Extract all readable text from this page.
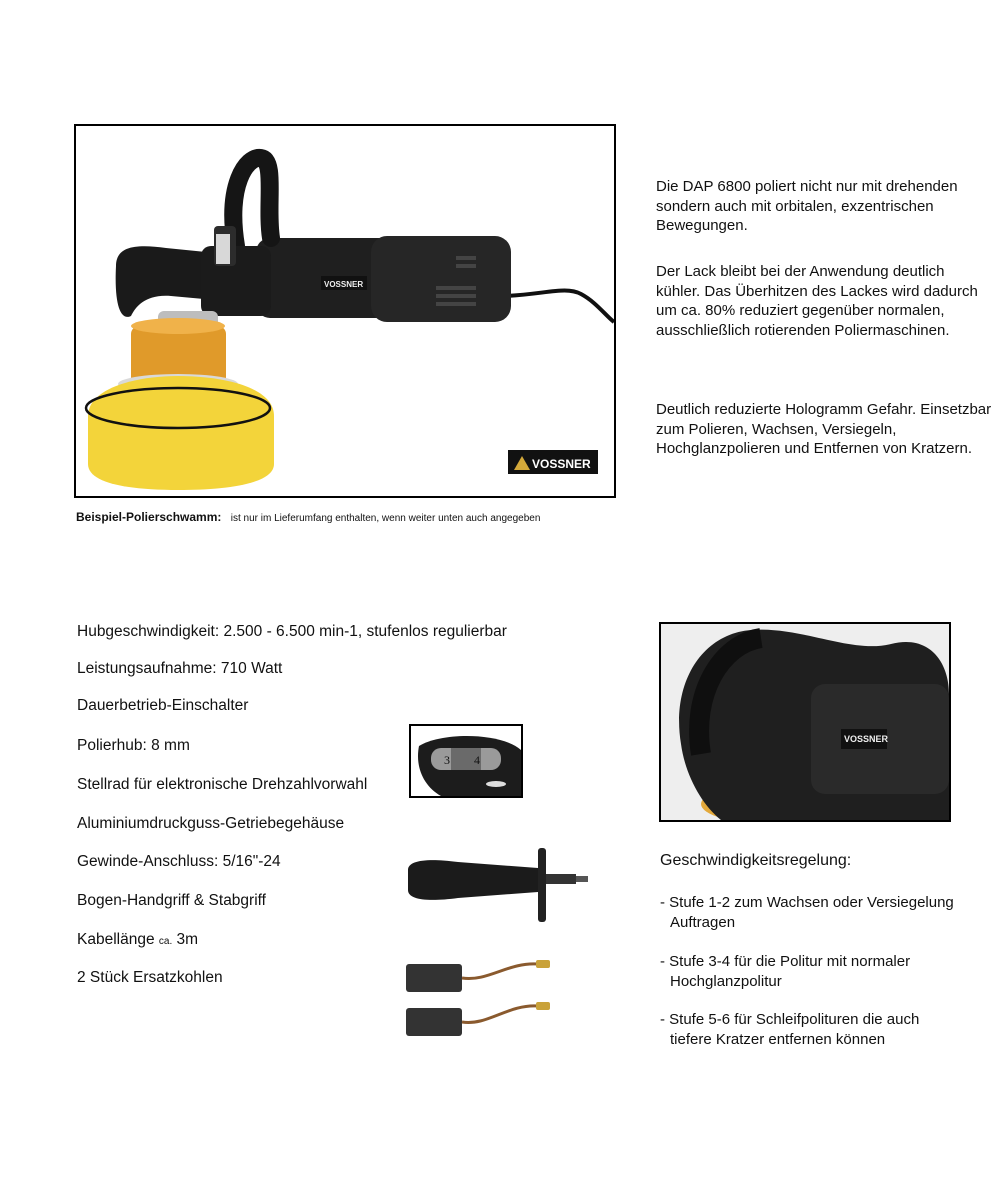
VOSSNER
VOSSNER
Beispiel-Polierschwamm: ist nur im Lieferumfang enthalten, wenn weiter unten auch angegeben
Die DAP 6800 poliert nicht nur mit drehenden sondern auch mit orbitalen, exzentrischen Bewegungen.
Der Lack bleibt bei der Anwendung deutlich kühler. Das Überhitzen des Lackes wird dadurch um ca. 80% reduziert gegenüber normalen, ausschließlich rotierenden Poliermaschinen.
Deutlich reduzierte Hologramm Gefahr. Einsetzbar zum Polieren, Wachsen, Versiegeln, Hochglanzpolieren und Entfernen von Kratzern.
Hubgeschwindigkeit: 2.500 - 6.500 min-1, stufenlos regulierbar
Leistungsaufnahme: 710 Watt
Dauerbetrieb-Einschalter
Polierhub: 8 mm
Stellrad für elektronische Drehzahlvorwahl
Aluminiumdruckguss-Getriebegehäuse
Gewinde-Anschluss: 5/16"-24
Bogen-Handgriff & Stabgriff
Kabellänge ca. 3m
2 Stück Ersatzkohlen
3 4
VOSSNER
Geschwindigkeitsregelung:
- Stufe 1-2 zum Wachsen oder Versiegelung
Auftragen
- Stufe 3-4 für die Politur mit normaler
Hochglanzpolitur
- Stufe 5-6 für Schleifpolituren die auch
tiefere Kratzer entfernen können
